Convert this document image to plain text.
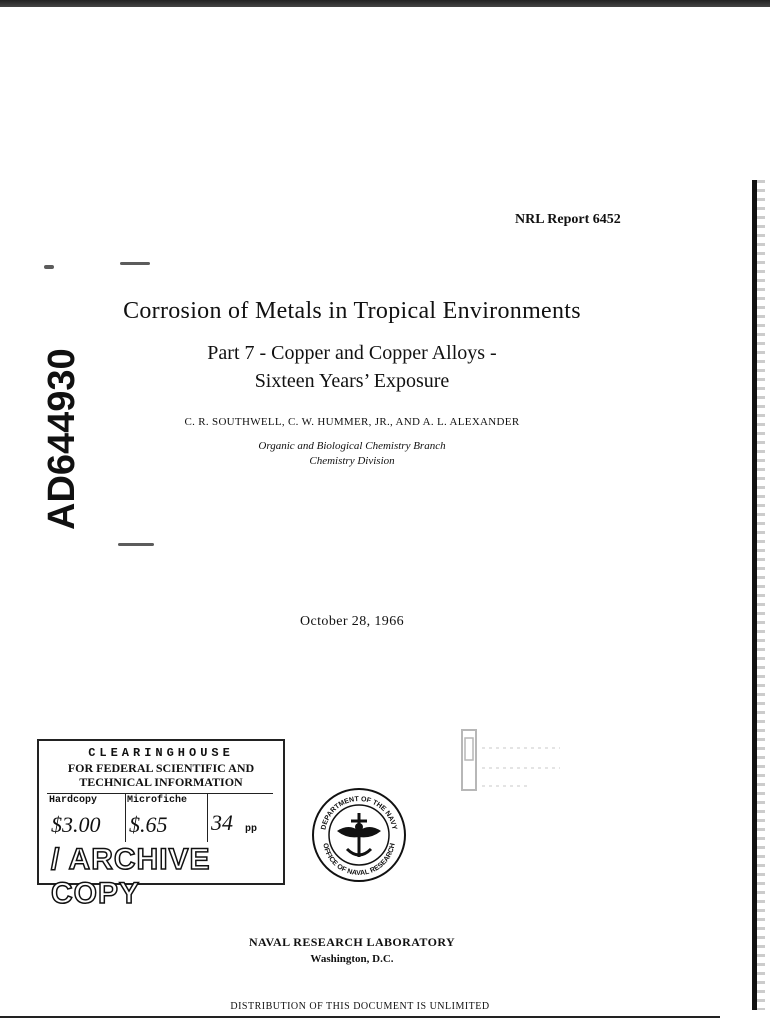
NRL Report 6452
AD644930
Corrosion of Metals in Tropical Environments
Part 7 - Copper and Copper Alloys -
Sixteen Years’ Exposure
C. R. SOUTHWELL, C. W. HUMMER, JR., AND A. L. ALEXANDER
Organic and Biological Chemistry Branch
Chemistry Division
October 28, 1966
CLEARINGHOUSE
FOR FEDERAL SCIENTIFIC AND
TECHNICAL INFORMATION
Hardcopy
$3.00
Microfiche
$.65 34 pp
/ ARCHIVE COPY
DEPARTMENT OF THE NAVY
OFFICE OF NAVAL RESEARCH
NAVAL RESEARCH LABORATORY
Washington, D.C.
DISTRIBUTION OF THIS DOCUMENT IS UNLIMITED
